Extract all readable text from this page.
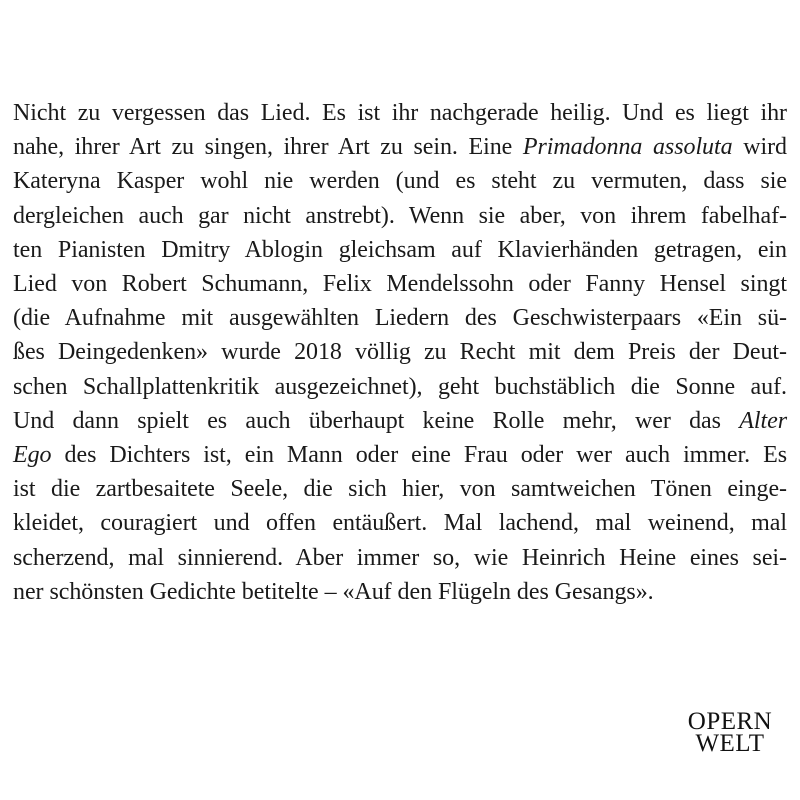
Nicht zu vergessen das Lied. Es ist ihr nachgerade heilig. Und es liegt ihr
nahe, ihrer Art zu singen, ihrer Art zu sein. Eine Primadonna assoluta wird
Kateryna Kasper wohl nie werden (und es steht zu vermuten, dass sie
dergleichen auch gar nicht anstrebt). Wenn sie aber, von ihrem fabelhaf-
ten Pianisten Dmitry Ablogin gleichsam auf Klavierhänden getragen, ein
Lied von Robert Schumann, Felix Mendelssohn oder Fanny Hensel singt
(die Aufnahme mit ausgewählten Liedern des Geschwisterpaars «Ein sü-
ßes Deingedenken» wurde 2018 völlig zu Recht mit dem Preis der Deut-
schen Schallplattenkritik ausgezeichnet), geht buchstäblich die Sonne auf.
Und dann spielt es auch überhaupt keine Rolle mehr, wer das Alter
Ego des Dichters ist, ein Mann oder eine Frau oder wer auch immer. Es
ist die zartbesaitete Seele, die sich hier, von samtweichen Tönen einge-
kleidet, couragiert und offen entäußert. Mal lachend, mal weinend, mal
scherzend, mal sinnierend. Aber immer so, wie Heinrich Heine eines sei-
ner schönsten Gedichte betitelte – «Auf den Flügeln des Gesangs».
OPERN
WELT
